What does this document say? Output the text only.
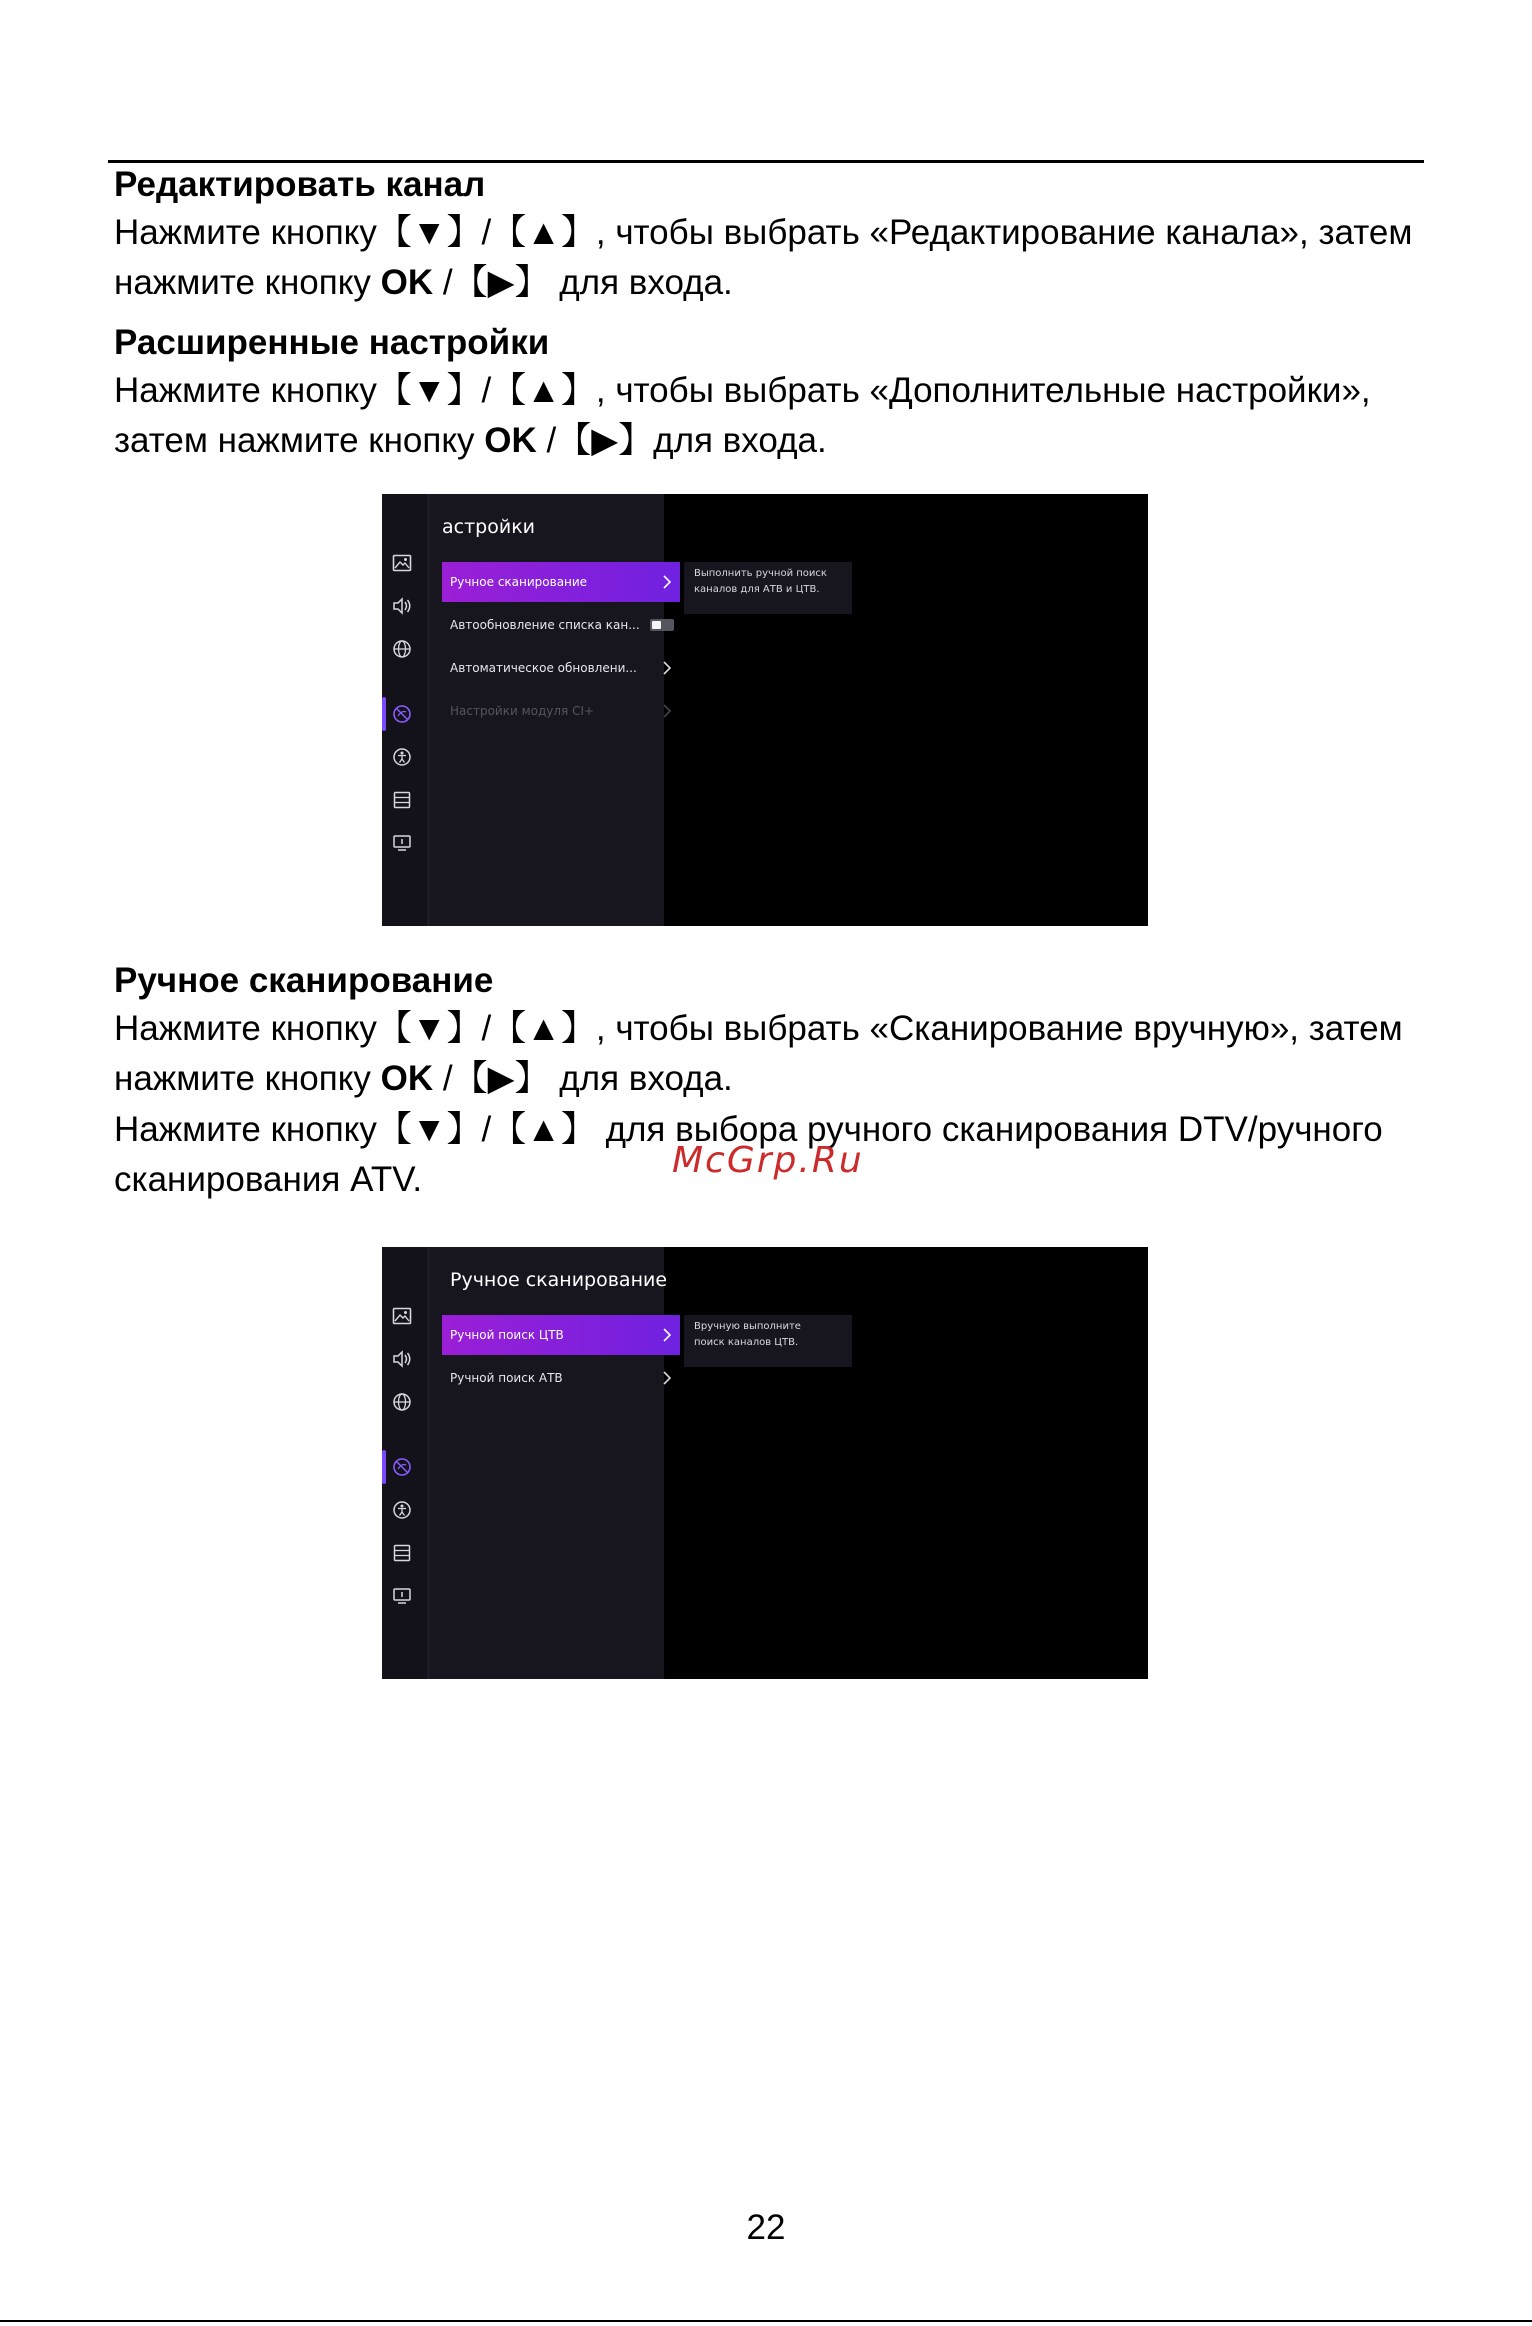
Редактировать канал
Нажмите кнопку【▼】/【▲】, чтобы выбрать «Редактирование канала», затем
нажмите кнопку OK /【▶】 для входа.
Расширенные настройки
Нажмите кнопку【▼】/【▲】, чтобы выбрать «Дополнительные настройки»,
затем нажмите кнопку OK /【▶】для входа.
астройки
Ручное сканирование
Автообновление списка кан...
Автоматическое обновлени...
Настройки модуля CI+
Выполнить ручной поиск
каналов для АТВ и ЦТВ.
Ручное сканирование
Нажмите кнопку【▼】/【▲】, чтобы выбрать «Сканирование вручную», затем
нажмите кнопку OK /【▶】 для входа.
Нажмите кнопку【▼】/【▲】 для выбора ручного сканирования DTV/ручного
сканирования ATV.	McGrp.Ru
Ручное сканирование
Ручной поиск ЦТВ
Ручной поиск АТВ
Вручную выполните
поиск каналов ЦТВ.
22
